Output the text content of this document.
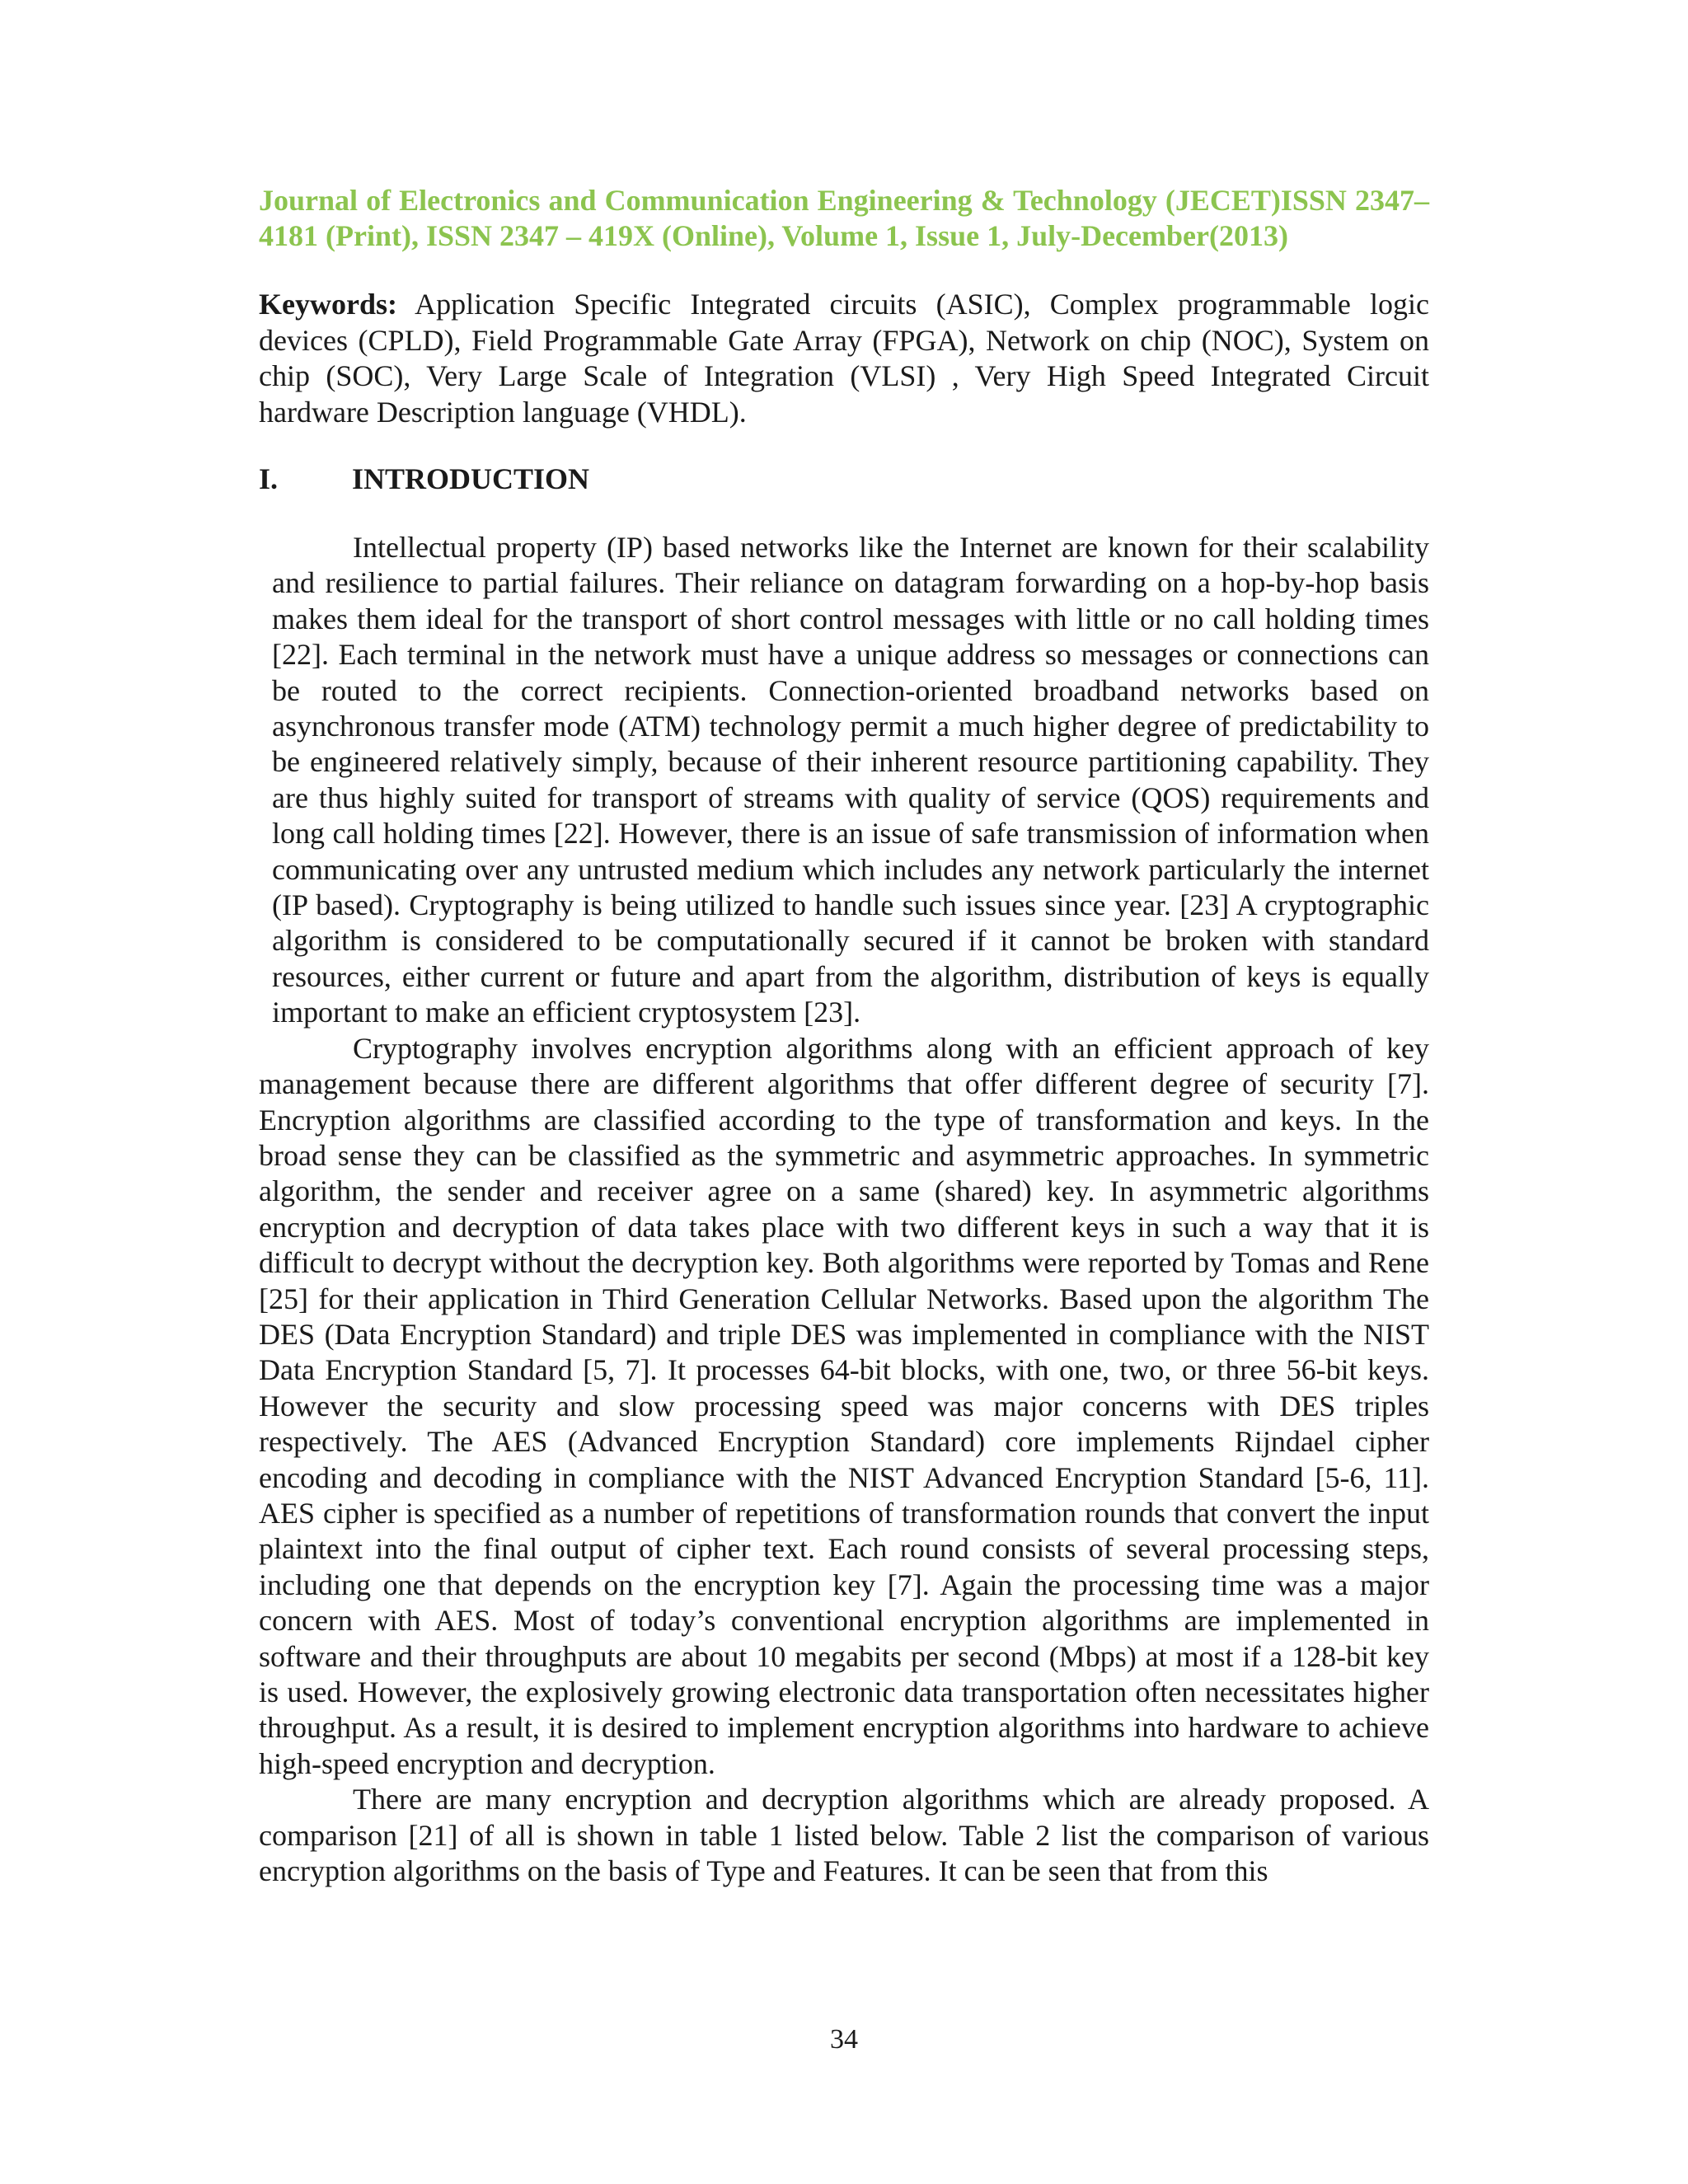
Journal of Electronics and Communication Engineering & Technology (JECET)ISSN 2347–4181 (Print), ISSN 2347 – 419X (Online), Volume 1, Issue 1, July-December(2013)

Keywords: Application Specific Integrated circuits (ASIC), Complex programmable logic devices (CPLD), Field Programmable Gate Array (FPGA), Network on chip (NOC), System on chip (SOC), Very Large Scale of Integration (VLSI) , Very High Speed Integrated Circuit hardware Description language (VHDL).
I.	INTRODUCTION

Intellectual property (IP) based networks like the Internet are known for their scalability and resilience to partial failures. Their reliance on datagram forwarding on a hop-by-hop basis makes them ideal for the transport of short control messages with little or no call holding times [22]. Each terminal in the network must have a unique address so messages or connections can be routed to the correct recipients. Connection-oriented broadband networks based on asynchronous transfer mode (ATM) technology permit a much higher degree of predictability to be engineered relatively simply, because of their inherent resource partitioning capability. They are thus highly suited for transport of streams with quality of service (QOS) requirements and long call holding times [22]. However, there is an issue of safe transmission of information when communicating over any untrusted medium which includes any network particularly the internet (IP based). Cryptography is being utilized to handle such issues since year. [23] A cryptographic algorithm is considered to be computationally secured if it cannot be broken with standard resources, either current or future and apart from the algorithm, distribution of keys is equally important to make an efficient cryptosystem [23].

Cryptography involves encryption algorithms along with an efficient approach of key management because there are different algorithms that offer different degree of security [7]. Encryption algorithms are classified according to the type of transformation and keys. In the broad sense they can be classified as the symmetric and asymmetric approaches. In symmetric algorithm, the sender and receiver agree on a same (shared) key. In asymmetric algorithms encryption and decryption of data takes place with two different keys in such a way that it is difficult to decrypt without the decryption key. Both algorithms were reported by Tomas and Rene [25] for their application in Third Generation Cellular Networks. Based upon the algorithm The DES (Data Encryption Standard) and triple DES was implemented in compliance with the NIST Data Encryption Standard [5, 7]. It processes 64-bit blocks, with one, two, or three 56-bit keys. However the security and slow processing speed was major concerns with DES triples respectively. The AES (Advanced Encryption Standard) core implements Rijndael cipher encoding and decoding in compliance with the NIST Advanced Encryption Standard [5-6, 11]. AES cipher is specified as a number of repetitions of transformation rounds that convert the input plaintext into the final output of cipher text. Each round consists of several processing steps, including one that depends on the encryption key [7]. Again the processing time was a major concern with AES. Most of today’s conventional encryption algorithms are implemented in software and their throughputs are about 10 megabits per second (Mbps) at most if a 128-bit key is used. However, the explosively growing electronic data transportation often necessitates higher throughput. As a result, it is desired to implement encryption algorithms into hardware to achieve high-speed encryption and decryption.

There are many encryption and decryption algorithms which are already proposed. A comparison [21] of all is shown in table 1 listed below. Table 2 list the comparison of various encryption algorithms on the basis of Type and Features. It can be seen that from this

34
